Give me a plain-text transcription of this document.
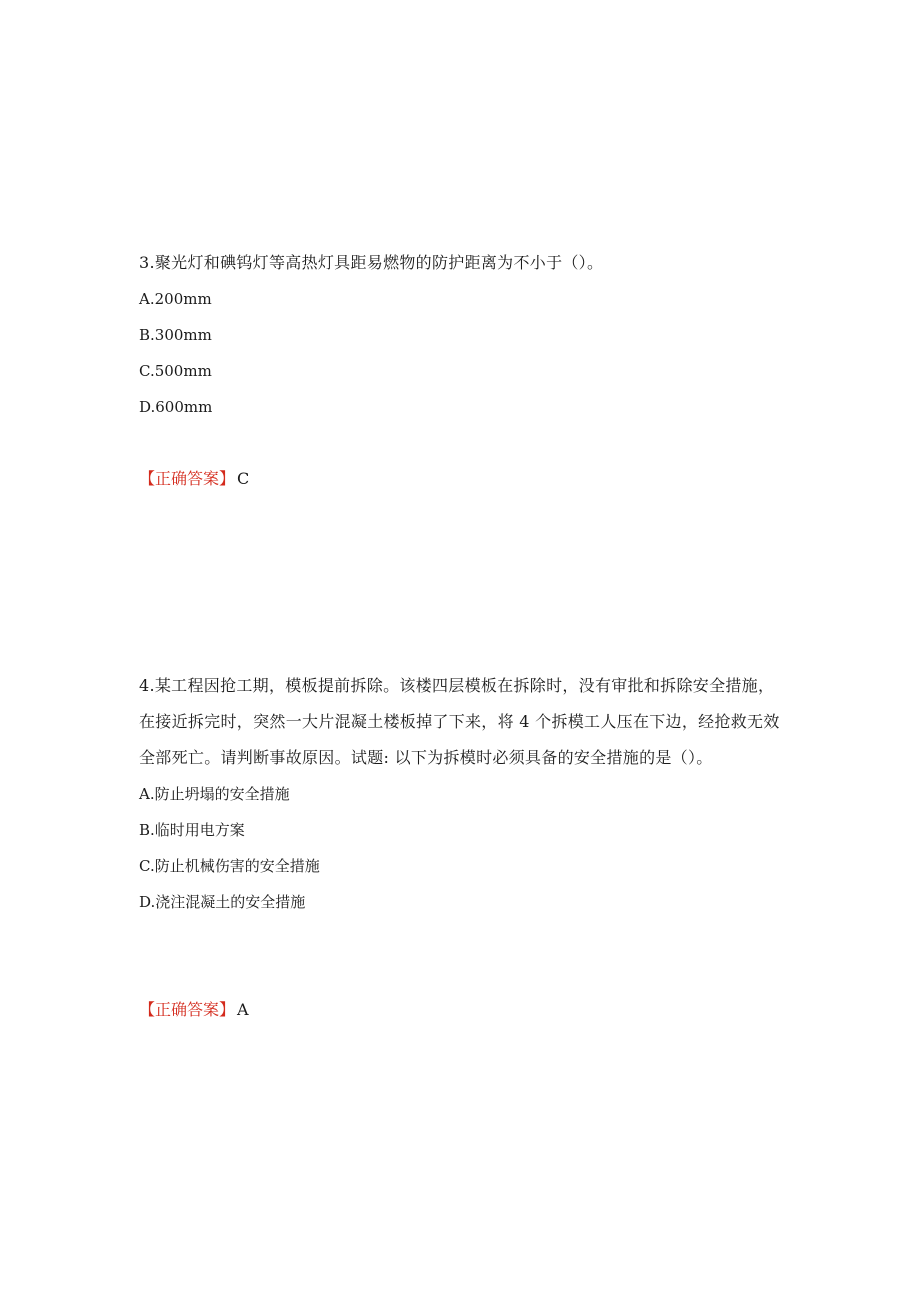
3.聚光灯和碘钨灯等高热灯具距易燃物的防护距离为不小于（）。

A.200mm

B.300mm

C.500mm

D.600mm

【正确答案】 C

4.某工程因抢工期，模板提前拆除。该楼四层模板在拆除时，没有审批和拆除安全措施，在接近拆完时，突然一大片混凝土楼板掉了下来，将 4 个拆模工人压在下边，经抢救无效全部死亡。请判断事故原因。试题: 以下为拆模时必须具备的安全措施的是（）。

A.防止坍塌的安全措施

B.临时用电方案

C.防止机械伤害的安全措施

D.浇注混凝土的安全措施

【正确答案】 A
